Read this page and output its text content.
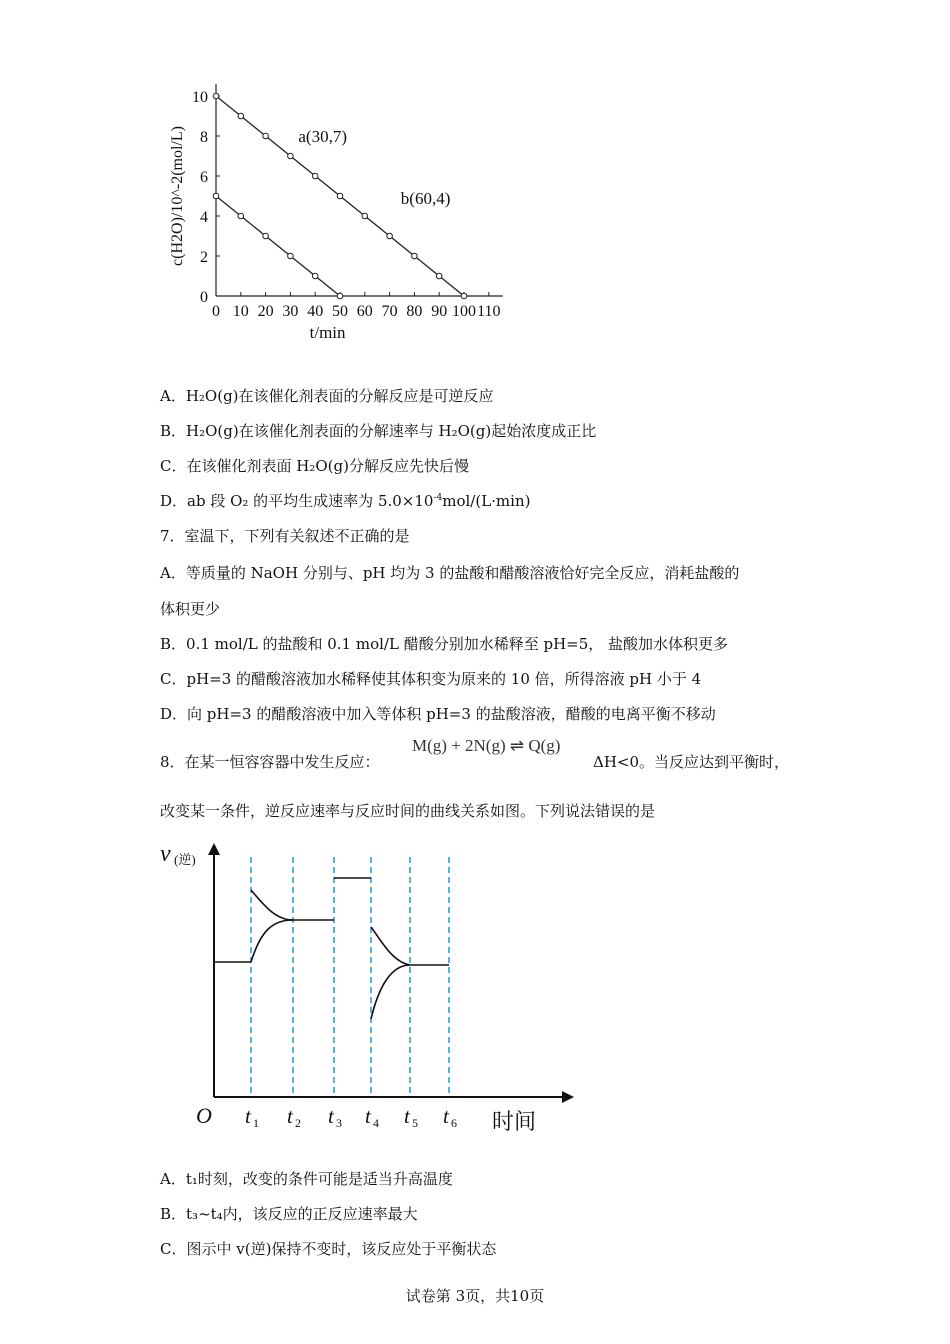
0 10 20 30 40 50 60 70 80 90 100 110
0
2
4
6
8
10
a(30,7)
b(60,4)
t/min
c(H2O)/10^-2(mol/L)
A．H₂O(g)在该催化剂表面的分解反应是可逆反应
B．H₂O(g)在该催化剂表面的分解速率与 H₂O(g)起始浓度成正比
C．在该催化剂表面 H₂O(g)分解反应先快后慢
D．ab 段 O₂ 的平均生成速率为 $5.0\times 10^{-4}mol/(L\cdot\min)$
7．室温下，下列有关叙述不正确的是
A．等质量的 NaOH 分别与、pH 均为 3 的盐酸和醋酸溶液恰好完全反应，消耗盐酸的
体积更少
B．0.1 mol/L 的盐酸和 0.1 mol/L 醋酸分别加水稀释至 pH=5， 盐酸加水体积更多
C．pH=3 的醋酸溶液加水稀释使其体积变为原来的 10 倍，所得溶液 pH 小于 4
D．向 pH=3 的醋酸溶液中加入等体积 pH=3 的盐酸溶液，醋酸的电离平衡不移动
8．在某一恒容容器中发生反应：
M(g) + 2N(g) ⇌ Q(g)
ΔH<0。当反应达到平衡时，
改变某一条件，逆反应速率与反应时间的曲线关系如图。下列说法错误的是
t 1 t 2 t 3 t 4 t 5 t 6
v (逆)
O	时间
A．t₁时刻，改变的条件可能是适当升高温度
B．t₃~t₄内，该反应的正反应速率最大
C．图示中 v(逆)保持不变时，该反应处于平衡状态
试卷第 3页，共10页
